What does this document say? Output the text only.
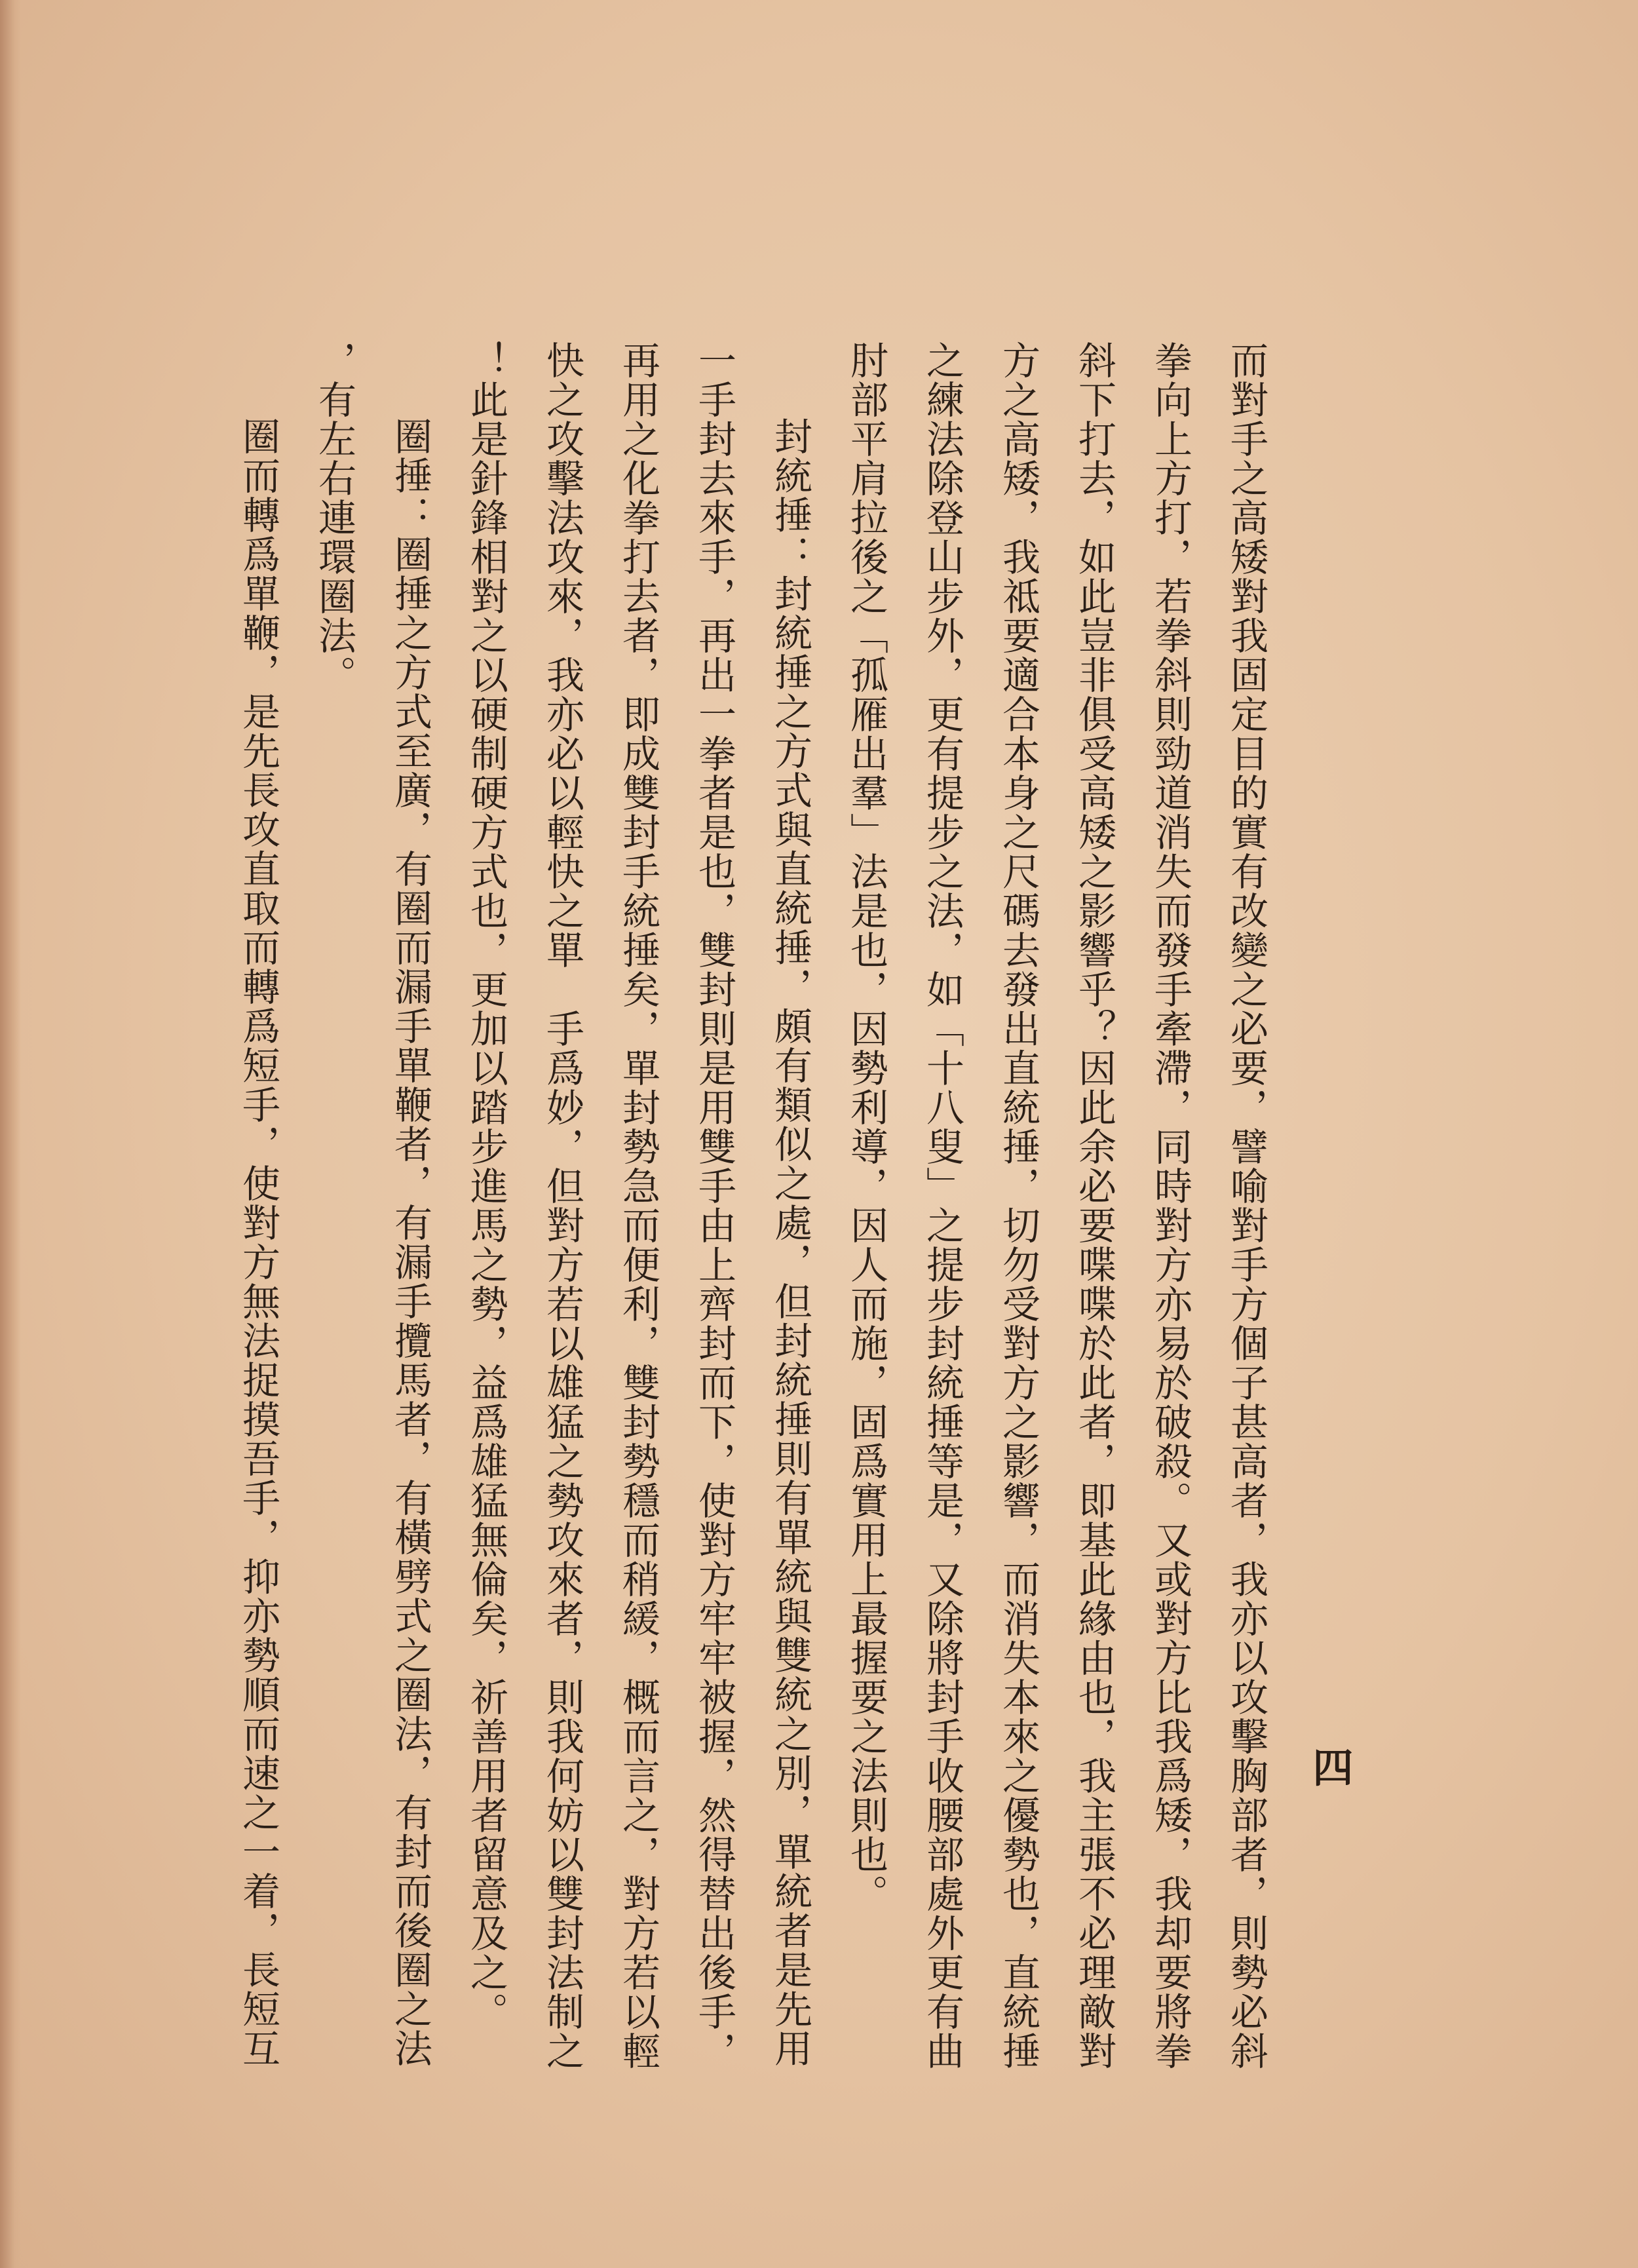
四
而對手之高矮對我固定目的實有改變之必要，譬喻對手方個子甚高者，我亦以攻擊胸部者，則勢必斜
拳向上方打，若拳斜則勁道消失而發手牽滯，同時對方亦易於破殺。又或對方比我爲矮，我却要將拳
斜下打去，如此豈非俱受高矮之影響乎？因此余必要喋喋於此者，即基此緣由也，我主張不必理敵對
方之高矮，我祗要適合本身之尺碼去發出直統捶，切勿受對方之影響，而消失本來之優勢也，直統捶
之練法除登山步外，更有提步之法，如「十八叟」之提步封統捶等是，又除將封手收腰部處外更有曲
肘部平肩拉後之「孤雁出羣」法是也，因勢利導，因人而施，固爲實用上最握要之法則也。
封統捶：封統捶之方式與直統捶，頗有類似之處，但封統捶則有單統與雙統之別，單統者是先用
一手封去來手，再出一拳者是也，雙封則是用雙手由上齊封而下，使對方牢牢被握，然得替出後手，
再用之化拳打去者，即成雙封手統捶矣，單封勢急而便利，雙封勢穩而稍緩，概而言之，對方若以輕
快之攻擊法攻來，我亦必以輕快之單　手爲妙，但對方若以雄猛之勢攻來者，則我何妨以雙封法制之
！此是針鋒相對之以硬制硬方式也，更加以踏步進馬之勢，益爲雄猛無倫矣，祈善用者留意及之。
圈捶：圈捶之方式至廣，有圈而漏手單鞭者，有漏手攬馬者，有橫劈式之圈法，有封而後圈之法
，有左右連環圈法。
圈而轉爲單鞭，是先長攻直取而轉爲短手，使對方無法捉摸吾手，抑亦勢順而速之一着，長短互
